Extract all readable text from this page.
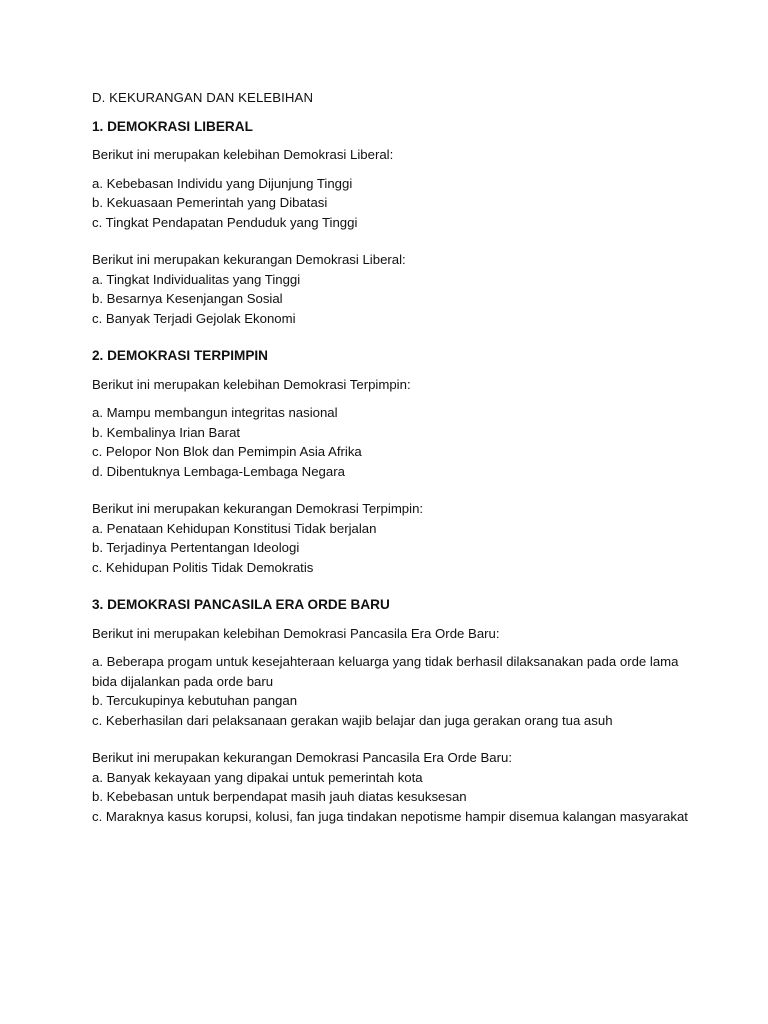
D. KEKURANGAN DAN KELEBIHAN

1. DEMOKRASI LIBERAL

Berikut ini merupakan kelebihan Demokrasi Liberal:

a. Kebebasan Individu yang Dijunjung Tinggi
b. Kekuasaan Pemerintah yang Dibatasi
c. Tingkat Pendapatan Penduduk yang Tinggi

Berikut ini merupakan kekurangan Demokrasi Liberal:

a. Tingkat Individualitas yang Tinggi
b. Besarnya Kesenjangan Sosial
c. Banyak Terjadi Gejolak Ekonomi

2. DEMOKRASI TERPIMPIN

Berikut ini merupakan kelebihan Demokrasi Terpimpin:

a. Mampu membangun integritas nasional
b. Kembalinya Irian Barat
c. Pelopor Non Blok dan Pemimpin Asia Afrika
d. Dibentuknya Lembaga-Lembaga Negara

Berikut ini merupakan kekurangan Demokrasi Terpimpin:

a. Penataan Kehidupan Konstitusi Tidak berjalan
b. Terjadinya Pertentangan Ideologi
c. Kehidupan Politis Tidak Demokratis

3. DEMOKRASI PANCASILA ERA ORDE BARU

Berikut ini merupakan kelebihan Demokrasi Pancasila Era Orde Baru:

a. Beberapa progam untuk kesejahteraan keluarga yang tidak berhasil dilaksanakan pada orde lama bida dijalankan pada orde baru
b. Tercukupinya kebutuhan pangan
c. Keberhasilan dari pelaksanaan gerakan wajib belajar dan juga gerakan orang tua asuh

Berikut ini merupakan kekurangan Demokrasi Pancasila Era Orde Baru:

a. Banyak kekayaan yang dipakai untuk pemerintah kota
b. Kebebasan untuk berpendapat masih jauh diatas kesuksesan
c. Maraknya kasus korupsi, kolusi, fan juga tindakan nepotisme hampir disemua kalangan masyarakat
